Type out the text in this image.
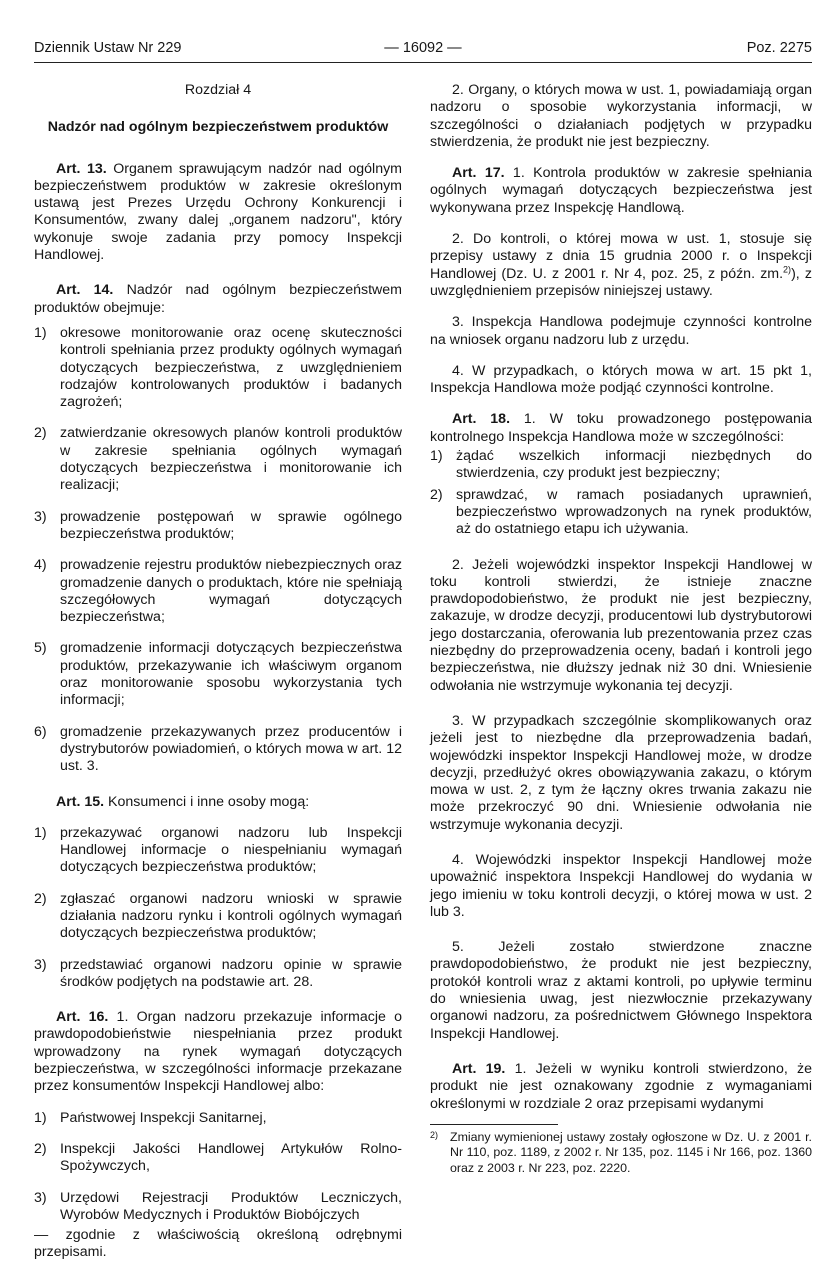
Dziennik Ustaw Nr 229	— 16092 —	Poz. 2275

Rozdział 4

Nadzór nad ogólnym bezpieczeństwem produktów

Art. 13. Organem sprawującym nadzór nad ogólnym bezpieczeństwem produktów w zakresie określonym ustawą jest Prezes Urzędu Ochrony Konkurencji i Konsumentów, zwany dalej „organem nadzoru", który wykonuje swoje zadania przy pomocy Inspekcji Handlowej.

Art. 14. Nadzór nad ogólnym bezpieczeństwem produktów obejmuje:

1) okresowe monitorowanie oraz ocenę skuteczności kontroli spełniania przez produkty ogólnych wymagań dotyczących bezpieczeństwa, z uwzględnieniem rodzajów kontrolowanych produktów i badanych zagrożeń;
2) zatwierdzanie okresowych planów kontroli produktów w zakresie spełniania ogólnych wymagań dotyczących bezpieczeństwa i monitorowanie ich realizacji;
3) prowadzenie postępowań w sprawie ogólnego bezpieczeństwa produktów;
4) prowadzenie rejestru produktów niebezpiecznych oraz gromadzenie danych o produktach, które nie spełniają szczegółowych wymagań dotyczących bezpieczeństwa;
5) gromadzenie informacji dotyczących bezpieczeństwa produktów, przekazywanie ich właściwym organom oraz monitorowanie sposobu wykorzystania tych informacji;
6) gromadzenie przekazywanych przez producentów i dystrybutorów powiadomień, o których mowa w art. 12 ust. 3.

Art. 15. Konsumenci i inne osoby mogą:

1) przekazywać organowi nadzoru lub Inspekcji Handlowej informacje o niespełnianiu wymagań dotyczących bezpieczeństwa produktów;
2) zgłaszać organowi nadzoru wnioski w sprawie działania nadzoru rynku i kontroli ogólnych wymagań dotyczących bezpieczeństwa produktów;
3) przedstawiać organowi nadzoru opinie w sprawie środków podjętych na podstawie art. 28.

Art. 16. 1. Organ nadzoru przekazuje informacje o prawdopodobieństwie niespełniania przez produkt wprowadzony na rynek wymagań dotyczących bezpieczeństwa, w szczególności informacje przekazane przez konsumentów Inspekcji Handlowej albo:

1) Państwowej Inspekcji Sanitarnej,
2) Inspekcji Jakości Handlowej Artykułów Rolno-Spożywczych,
3) Urzędowi Rejestracji Produktów Leczniczych, Wyrobów Medycznych i Produktów Biobójczych

— zgodnie z właściwością określoną odrębnymi przepisami.

2. Organy, o których mowa w ust. 1, powiadamiają organ nadzoru o sposobie wykorzystania informacji, w szczególności o działaniach podjętych w przypadku stwierdzenia, że produkt nie jest bezpieczny.

Art. 17. 1. Kontrola produktów w zakresie spełniania ogólnych wymagań dotyczących bezpieczeństwa jest wykonywana przez Inspekcję Handlową.

2. Do kontroli, o której mowa w ust. 1, stosuje się przepisy ustawy z dnia 15 grudnia 2000 r. o Inspekcji Handlowej (Dz. U. z 2001 r. Nr 4, poz. 25, z późn. zm.$^{2)}$), z uwzględnieniem przepisów niniejszej ustawy.

3. Inspekcja Handlowa podejmuje czynności kontrolne na wniosek organu nadzoru lub z urzędu.

4. W przypadkach, o których mowa w art. 15 pkt 1, Inspekcja Handlowa może podjąć czynności kontrolne.

Art. 18. 1. W toku prowadzonego postępowania kontrolnego Inspekcja Handlowa może w szczególności:

1) żądać wszelkich informacji niezbędnych do stwierdzenia, czy produkt jest bezpieczny;
2) sprawdzać, w ramach posiadanych uprawnień, bezpieczeństwo wprowadzonych na rynek produktów, aż do ostatniego etapu ich używania.

2. Jeżeli wojewódzki inspektor Inspekcji Handlowej w toku kontroli stwierdzi, że istnieje znaczne prawdopodobieństwo, że produkt nie jest bezpieczny, zakazuje, w drodze decyzji, producentowi lub dystrybutorowi jego dostarczania, oferowania lub prezentowania przez czas niezbędny do przeprowadzenia oceny, badań i kontroli jego bezpieczeństwa, nie dłuższy jednak niż 30 dni. Wniesienie odwołania nie wstrzymuje wykonania tej decyzji.

3. W przypadkach szczególnie skomplikowanych oraz jeżeli jest to niezbędne dla przeprowadzenia badań, wojewódzki inspektor Inspekcji Handlowej może, w drodze decyzji, przedłużyć okres obowiązywania zakazu, o którym mowa w ust. 2, z tym że łączny okres trwania zakazu nie może przekroczyć 90 dni. Wniesienie odwołania nie wstrzymuje wykonania decyzji.

4. Wojewódzki inspektor Inspekcji Handlowej może upoważnić inspektora Inspekcji Handlowej do wydania w jego imieniu w toku kontroli decyzji, o której mowa w ust. 2 lub 3.

5. Jeżeli zostało stwierdzone znaczne prawdopodobieństwo, że produkt nie jest bezpieczny, protokół kontroli wraz z aktami kontroli, po upływie terminu do wniesienia uwag, jest niezwłocznie przekazywany organowi nadzoru, za pośrednictwem Głównego Inspektora Inspekcji Handlowej.

Art. 19. 1. Jeżeli w wyniku kontroli stwierdzono, że produkt nie jest oznakowany zgodnie z wymaganiami określonymi w rozdziale 2 oraz przepisami wydanymi

2) Zmiany wymienionej ustawy zostały ogłoszone w Dz. U. z 2001 r. Nr 110, poz. 1189, z 2002 r. Nr 135, poz. 1145 i Nr 166, poz. 1360 oraz z 2003 r. Nr 223, poz. 2220.
